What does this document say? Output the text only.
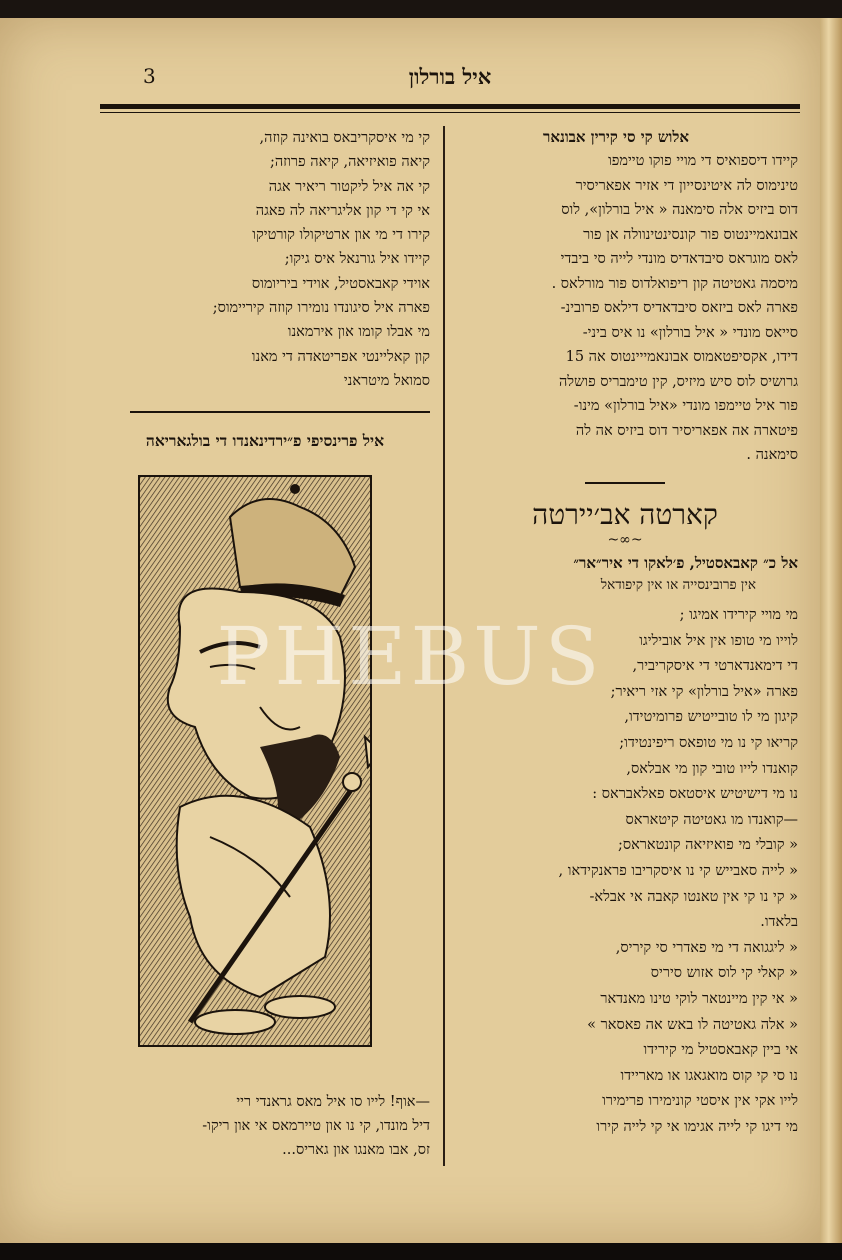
3	איל בורלון
אלוש קי סי קירין אבונאר
קיידו דיספואיס די מויי פוקו טיימפו
טינימוס לה איטינסייון די אזיר אפאריסיר
דוס ביזיס אלה סימאנה « איל בורלון», לוס
אבונאמיינטוס פור קונסינטינוולה אן פור
לאס מוגראס סיבדאדיס מונדי לייה סי ביבדי
מיסמה גאטיטה קון ריפואלדוס פור מורלאס .
פארה לאס ביזאס סיבדאדיס דילאס פרובינ-
סייאס מונדי « איל בורלון» נו איס ביני-
דידו, אקסיפטאמוס אבונאמייינטוס אה 15
גרושיס לוס סיש מיזיס, קין טימבריס פושלה
פור איל טיימפו מונדי «איל בורלון» מינו-
פיטארה אה אפאריסיר דוס ביזיס אה לה
סימאנה .
קארטה אב׳יירטה
~∞~
אל כ״ קאבאסטיל, פ׳לאקו די איר״אר״
אין פרובינסייה או אין קיפודאל
מי מויי קירידו אמיגו ;
לוייו מי טופו אין איל אוביליגו
די דימאנדארטי די איסקריביר,
פארה «איל בורלון» קי אזי ריאיר;
קיגון מי לו טובייטיש פרומיטידו,
קריאו קי נו מי טופאס ריפינטידו;
קואנדו לייו טובי קון מי אבלאס,
נו מי דישיטיש איסטאס פאלאבראס :
—קואנדו מו גאטיטה קיטאראס
« קובלי מי פואיזיאה קונטאראס;
« לייה סאבייש קי נו איסקריבו פראנקידאו ,
« קי נו קי אין טאנטו קאבה אי אבלא-
בלאדו.
« ליגגואה די מי פאדרי סי קיריס,
« קאלי קי לוס אזוש סיריס
« אי קין מיינטאר לוקי טינו מאנדאר
« אלה גאטיטה לו באש אה פאסאר »
אי ביין קאבאסטיל מי קירידו
נו סי קי קוס מואגאגו או מאריידו
לייו אקי אין איסטי קונימירו פרימירו
מי דיגו קי לייה אגימו אי קי לייה קירו
קי מי איסקריבאס בואינה קוזה,
קיאה פואיזיאה, קיאה פרוזה;
קי אה איל ליקטור ריאיר אגה
אי קי די קון אליגריאה לה פאגה
קירו די מי און ארטיקולו קורטיקו
קיידו איל גורנאל איס גיקו;
אוידי קאבאסטיל, אוידי ביריומוס
פארה איל סיגונדו נומירו קוזה קיריימוס;
מי אבלו קומו און אירמאנו
קון קאליינטי אפריטאדה די מאנו
סמואל מיטראני
איל פרינסיפי פ״ירדינאנדו די בולגאריאה
—אוף! לייו סו איל מאס גראנדי ריי
דיל מונדו, קי נו און טיירמאס אי און ריקו-
זס, אבו מאנגו און גאריס...
PHEBUS
